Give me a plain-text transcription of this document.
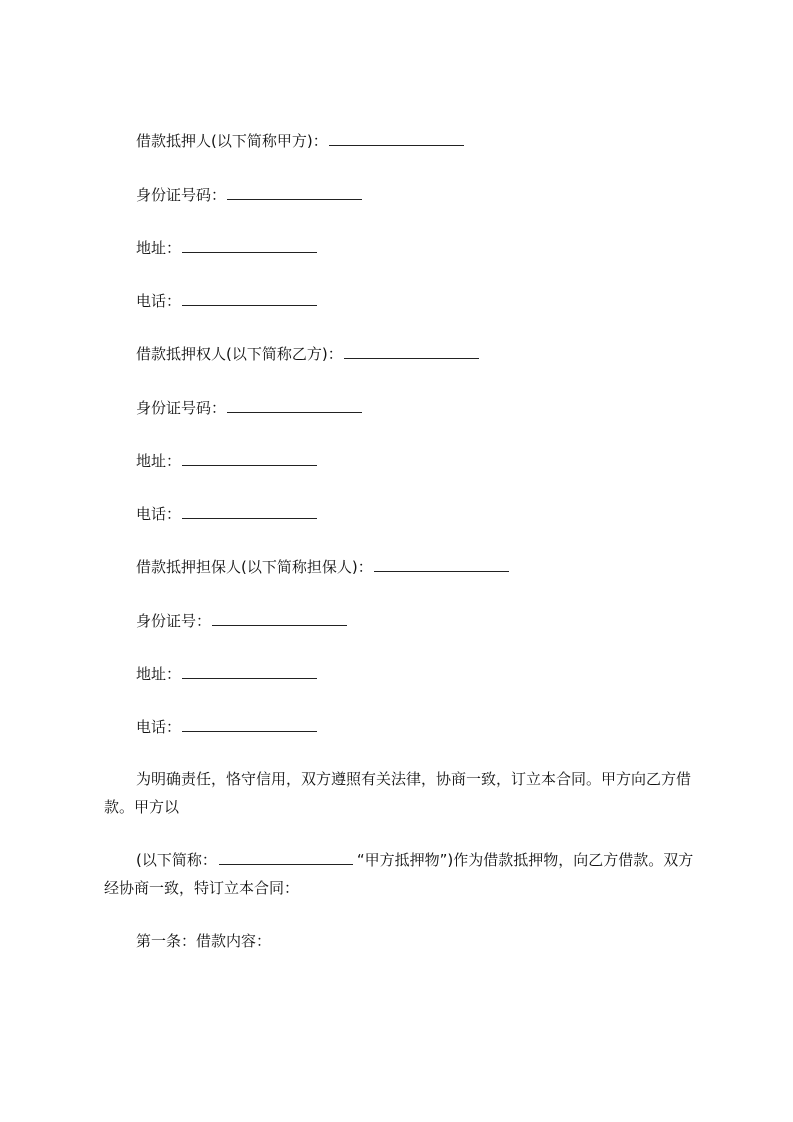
借款抵押人(以下简称甲方)：
身份证号码：
地址：
电话：
借款抵押权人(以下简称乙方)：
身份证号码：
地址：
电话：
借款抵押担保人(以下简称担保人)：
身份证号：
地址：
电话：
为明确责任，恪守信用，双方遵照有关法律，协商一致，订立本合同。甲方向乙方借款。甲方以
(以下简称：	“甲方抵押物”)作为借款抵押物，向乙方借款。双方经协商一致，特订立本合同：
第一条：借款内容：
